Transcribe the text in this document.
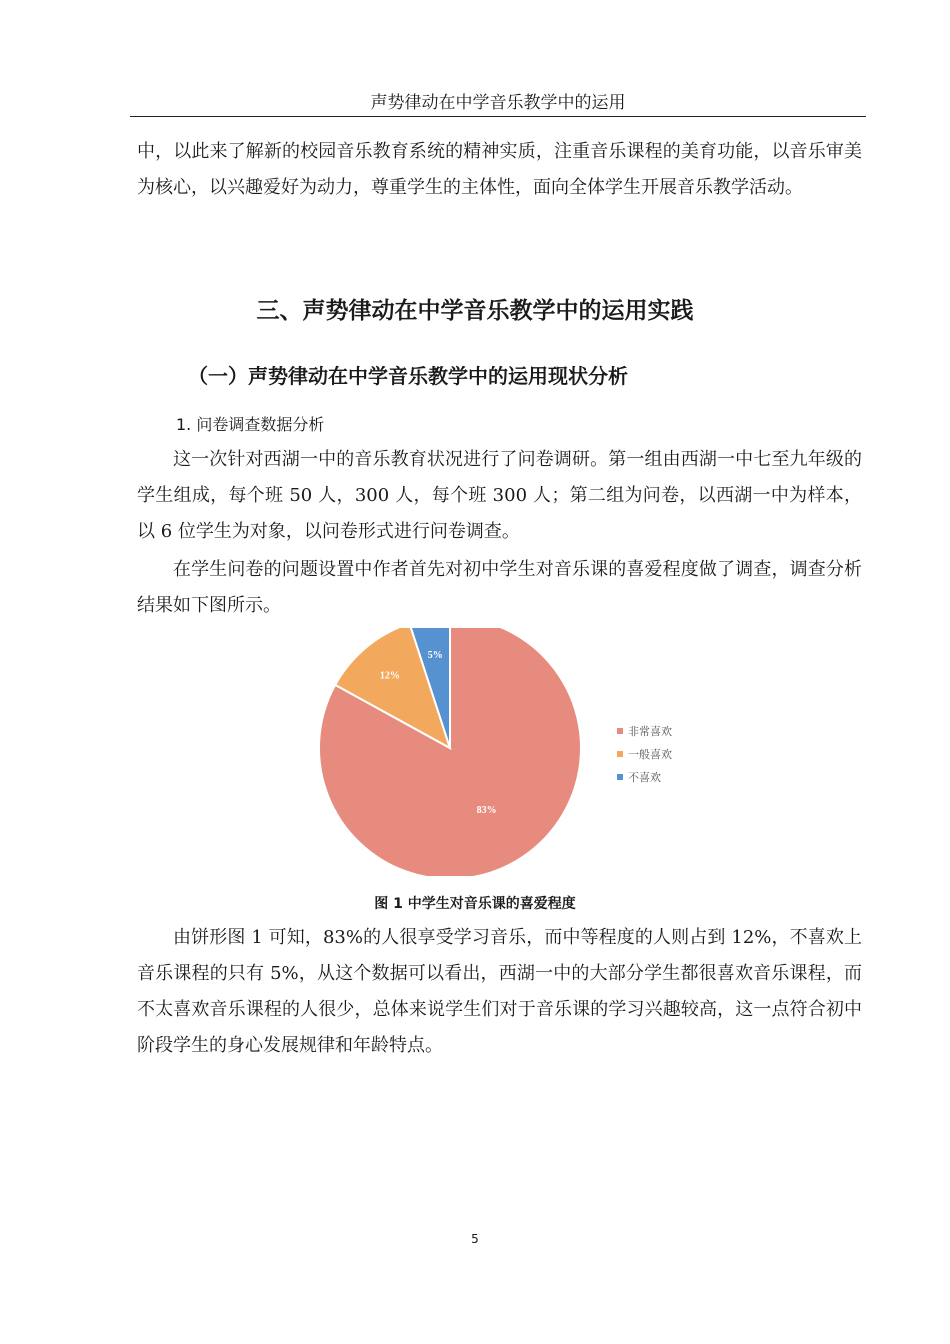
声势律动在中学音乐教学中的运用
中，以此来了解新的校园音乐教育系统的精神实质，注重音乐课程的美育功能，以音乐审美为核心，以兴趣爱好为动力，尊重学生的主体性，面向全体学生开展音乐教学活动。
三、声势律动在中学音乐教学中的运用实践
（一）声势律动在中学音乐教学中的运用现状分析
1. 问卷调查数据分析
这一次针对西湖一中的音乐教育状况进行了问卷调研。第一组由西湖一中七至九年级的学生组成，每个班 50 人，300 人，每个班 300 人；第二组为问卷，以西湖一中为样本，以 6 位学生为对象，以问卷形式进行问卷调查。
在学生问卷的问题设置中作者首先对初中学生对音乐课的喜爱程度做了调查，调查分析结果如下图所示。
83%
12%
5%
非常喜欢
一般喜欢
不喜欢
图 1 中学生对音乐课的喜爱程度
由饼形图 1 可知，83%的人很享受学习音乐，而中等程度的人则占到 12%，不喜欢上音乐课程的只有 5%，从这个数据可以看出，西湖一中的大部分学生都很喜欢音乐课程，而不太喜欢音乐课程的人很少，总体来说学生们对于音乐课的学习兴趣较高，这一点符合初中阶段学生的身心发展规律和年龄特点。
5
